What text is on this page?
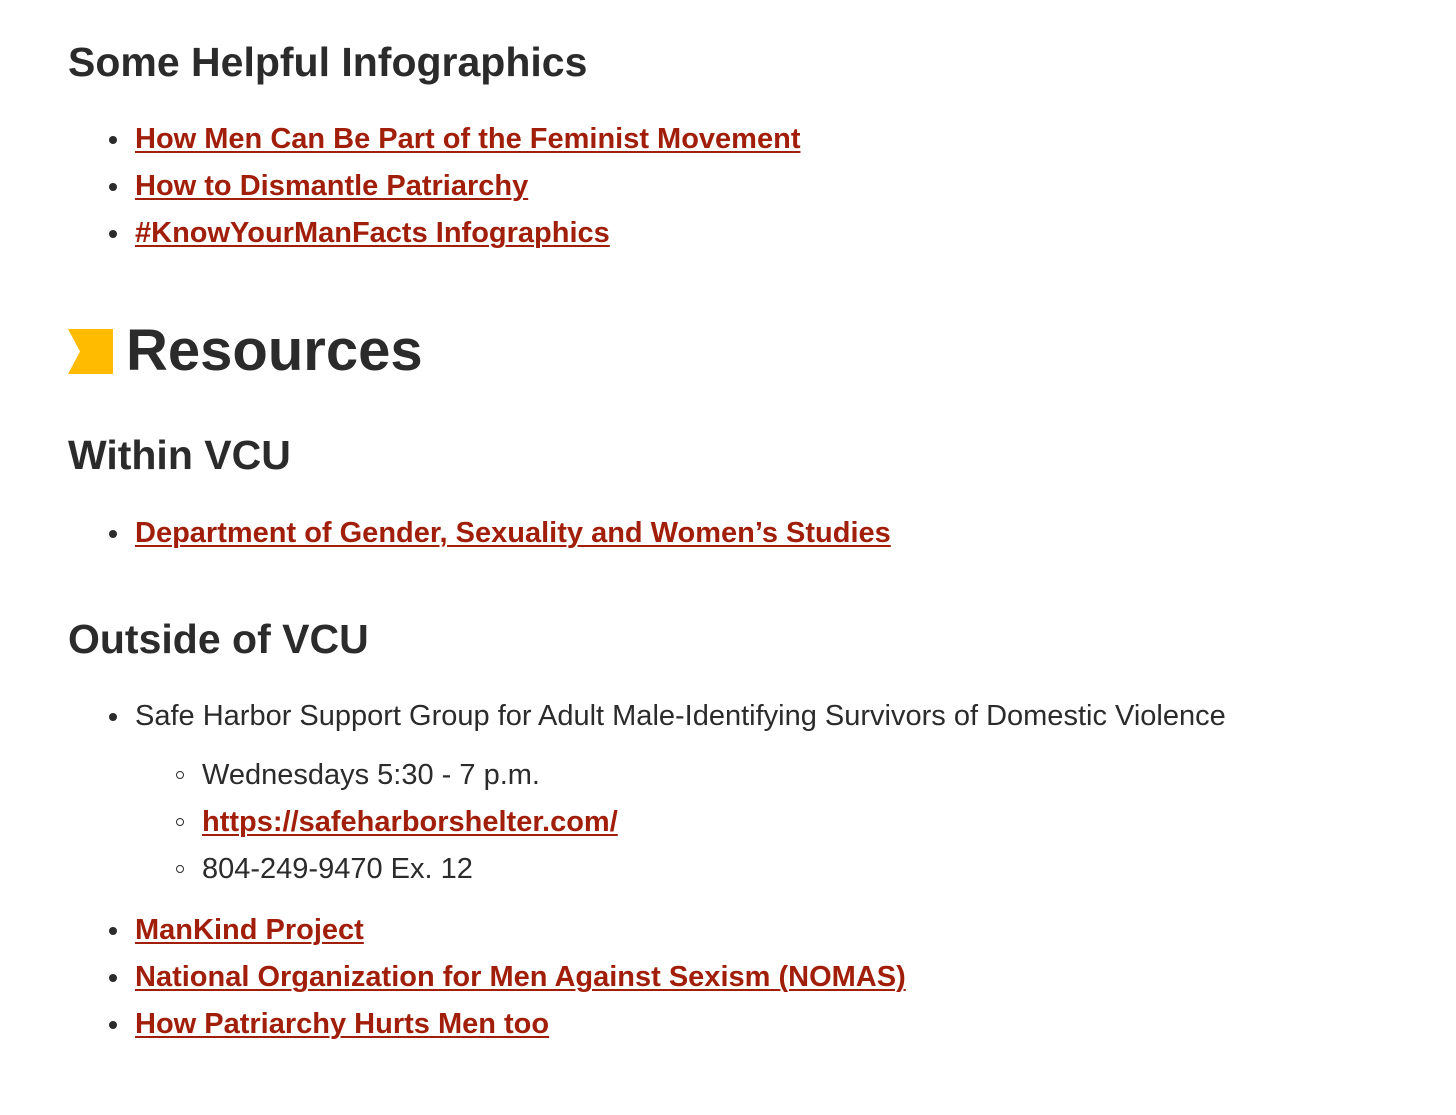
Some Helpful Infographics
How Men Can Be Part of the Feminist Movement
How to Dismantle Patriarchy
#KnowYourManFacts Infographics
Resources
Within VCU
Department of Gender, Sexuality and Women’s Studies
Outside of VCU
Safe Harbor Support Group for Adult Male-Identifying Survivors of Domestic Violence
Wednesdays 5:30 - 7 p.m.
https://safeharborshelter.com/
804-249-9470 Ex. 12
ManKind Project
National Organization for Men Against Sexism (NOMAS)
How Patriarchy Hurts Men too
